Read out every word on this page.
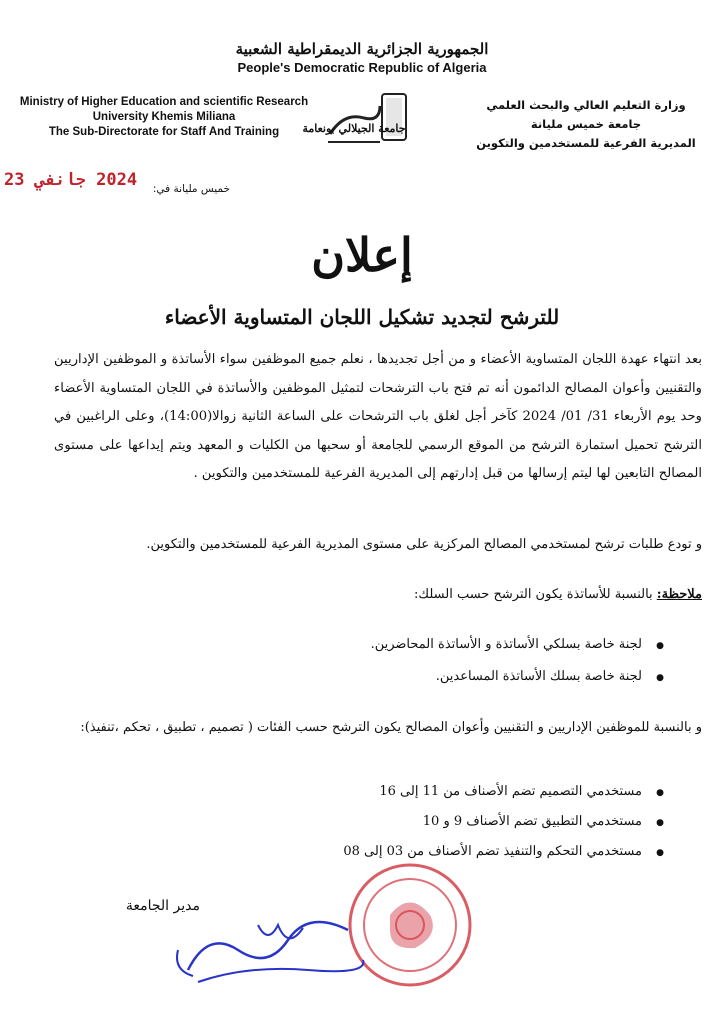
الجمهورية الجزائرية الديمقراطية الشعبية
People's Democratic Republic of Algeria
Ministry of Higher Education and scientific Research
University Khemis Miliana
The Sub-Directorate for Staff And Training
وزارة التعليم العالي والبحث العلمي
جامعة خميس مليانة
المديرية الفرعية للمستخدمين والتكوين
جامعة الجيلالي بونعامة
2024 جانفي 23	خميس مليانة في:
إعلان
للترشح لتجديد تشكيل اللجان المتساوية الأعضاء
بعد انتهاء عهدة اللجان المتساوية الأعضاء و من أجل تجديدها ، نعلم جميع الموظفين سواء الأساتذة و الموظفين الإداريين والتقنيين وأعوان المصالح الدائمون أنه تم فتح باب الترشحات لتمثيل الموظفين والأساتذة في اللجان المتساوية الأعضاء وحد يوم الأربعاء 31/ 01/ 2024 كآخر أجل لغلق باب الترشحات على الساعة الثانية زوالا(14:00)، وعلى الراغبين في الترشح تحميل استمارة الترشح من الموقع الرسمي للجامعة أو سحبها من الكليات و المعهد ويتم إيداعها على مستوى المصالح التابعين لها ليتم إرسالها من قبل إدارتهم إلى المديرية الفرعية للمستخدمين والتكوين .
و تودع طلبات ترشح لمستخدمي المصالح المركزية على مستوى المديرية الفرعية للمستخدمين والتكوين.
ملاحظة: بالنسبة للأساتذة يكون الترشح حسب السلك:
● لجنة خاصة بسلكي الأساتذة و الأساتذة المحاضرين.
● لجنة خاصة بسلك الأساتذة المساعدين.
و بالنسبة للموظفين الإداريين و التقنيين وأعوان المصالح يكون الترشح حسب الفئات ( تصميم ، تطبيق ، تحكم ،تنفيذ):
● مستخدمي التصميم تضم الأصناف من 11 إلى 16
● مستخدمي التطبيق تضم الأصناف 9 و 10
● مستخدمي التحكم والتنفيذ تضم الأصناف من 03 إلى 08
مدير الجامعة
